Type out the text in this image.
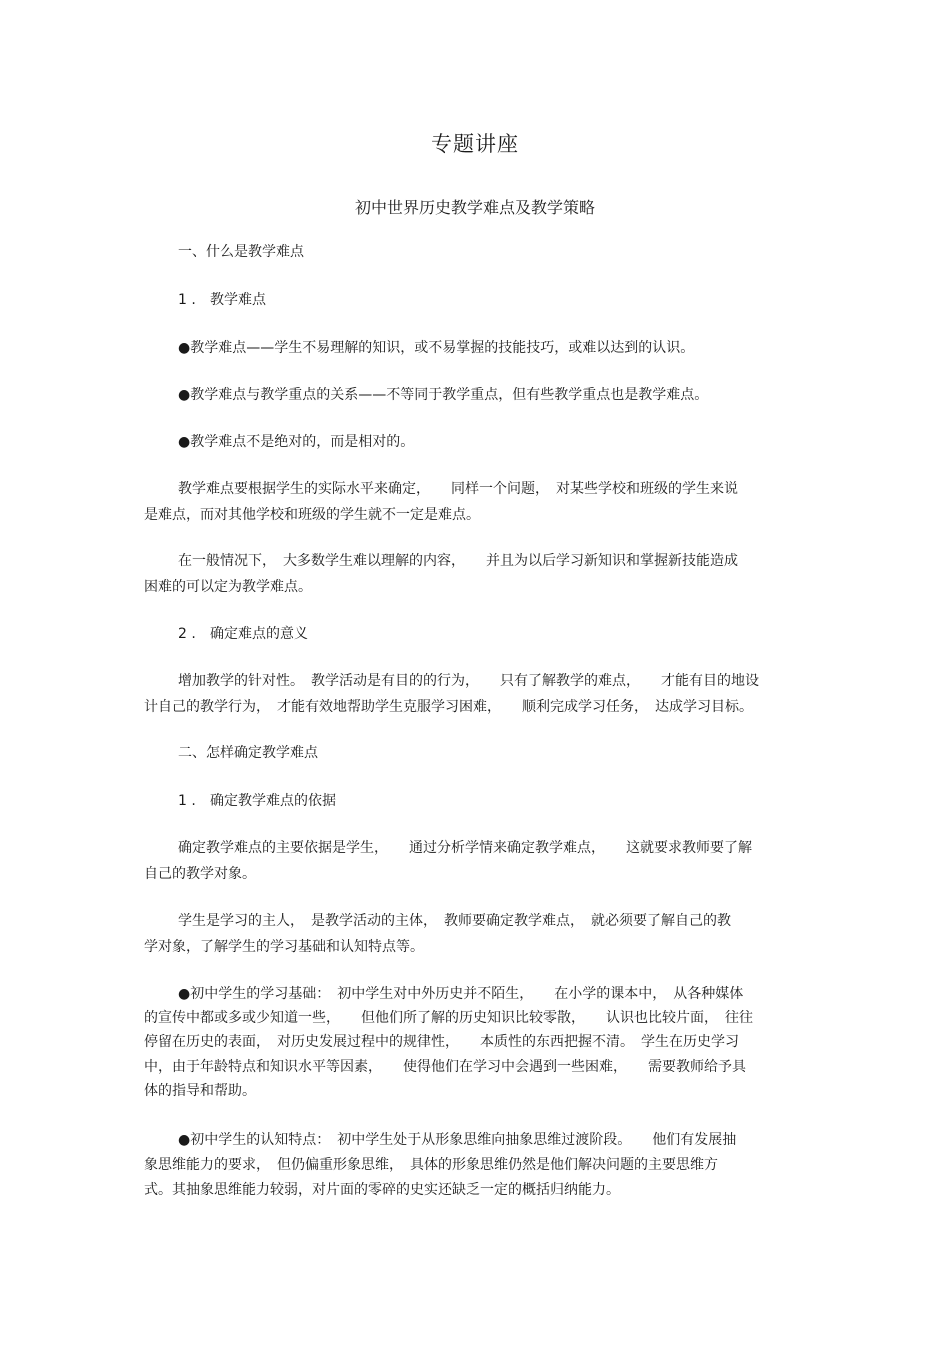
专题讲座
初中世界历史教学难点及教学策略
一、什么是教学难点
1 . 教学难点
●教学难点——学生不易理解的知识，或不易掌握的技能技巧，或难以达到的认识。
●教学难点与教学重点的关系——不等同于教学重点，但有些教学重点也是教学难点。
●教学难点不是绝对的，而是相对的。
教学难点要根据学生的实际水平来确定，　　同样一个问题，　对某些学校和班级的学生来说
是难点，而对其他学校和班级的学生就不一定是难点。
在一般情况下，　大多数学生难以理解的内容，　　并且为以后学习新知识和掌握新技能造成
困难的可以定为教学难点。
2 . 确定难点的意义
增加教学的针对性。　教学活动是有目的的行为，　　只有了解教学的难点，　　才能有目的地设
计自己的教学行为，　才能有效地帮助学生克服学习困难，　　顺利完成学习任务，　达成学习目标。
二、怎样确定教学难点
1 . 确定教学难点的依据
确定教学难点的主要依据是学生，　　通过分析学情来确定教学难点，　　这就要求教师要了解
自己的教学对象。
学生是学习的主人，　是教学活动的主体，　教师要确定教学难点，　就必须要了解自己的教
学对象，了解学生的学习基础和认知特点等。
●初中学生的学习基础：　初中学生对中外历史并不陌生，　　在小学的课本中，　从各种媒体
的宣传中都或多或少知道一些，　　但他们所了解的历史知识比较零散，　　认识也比较片面，　往往
停留在历史的表面，　对历史发展过程中的规律性，　　本质性的东西把握不清。　学生在历史学习
中，由于年龄特点和知识水平等因素，　　使得他们在学习中会遇到一些困难，　　需要教师给予具
体的指导和帮助。
●初中学生的认知特点：　初中学生处于从形象思维向抽象思维过渡阶段。　　他们有发展抽
象思维能力的要求，　但仍偏重形象思维，　具体的形象思维仍然是他们解决问题的主要思维方
式。其抽象思维能力较弱，对片面的零碎的史实还缺乏一定的概括归纳能力。
